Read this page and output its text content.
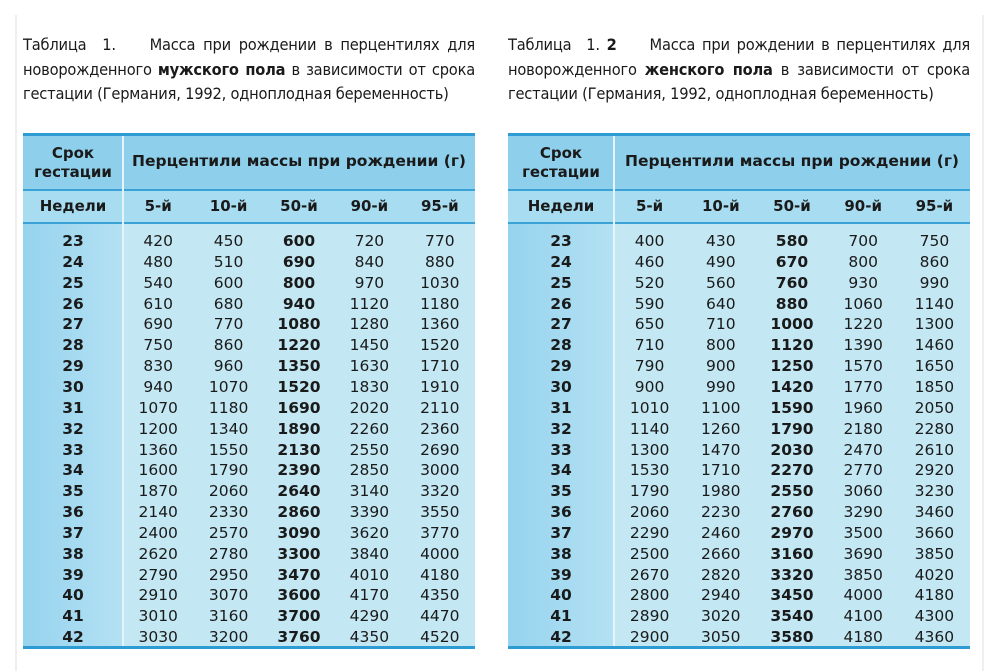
Таблица 1. Масса при рождении в перцентилях для новорожденного мужского пола в зависимости от срока гестации (Германия, 1992, одноплодная беременность)
Срок гестации
Перцентили массы при рождении (г)
Недели	5-й	10-й	50-й	90-й	95-й
23	420	450	600	720	770
24	480	510	690	840	880
25	540	600	800	970	1030
26	610	680	940	1120	1180
27	690	770	1080	1280	1360
28	750	860	1220	1450	1520
29	830	960	1350	1630	1710
30	940	1070	1520	1830	1910
31	1070	1180	1690	2020	2110
32	1200	1340	1890	2260	2360
33	1360	1550	2130	2550	2690
34	1600	1790	2390	2850	3000
35	1870	2060	2640	3140	3320
36	2140	2330	2860	3390	3550
37	2400	2570	3090	3620	3770
38	2620	2780	3300	3840	4000
39	2790	2950	3470	4010	4180
40	2910	3070	3600	4170	4350
41	3010	3160	3700	4290	4470
42	3030	3200	3760	4350	4520
Таблица 1. 2 Масса при рождении в перцентилях для новорожденного женского пола в зависимости от срока гестации (Германия, 1992, одноплодная беременность)
Срок гестации
Перцентили массы при рождении (г)
Недели	5-й	10-й	50-й	90-й	95-й
23	400	430	580	700	750
24	460	490	670	800	860
25	520	560	760	930	990
26	590	640	880	1060	1140
27	650	710	1000	1220	1300
28	710	800	1120	1390	1460
29	790	900	1250	1570	1650
30	900	990	1420	1770	1850
31	1010	1100	1590	1960	2050
32	1140	1260	1790	2180	2280
33	1300	1470	2030	2470	2610
34	1530	1710	2270	2770	2920
35	1790	1980	2550	3060	3230
36	2060	2230	2760	3290	3460
37	2290	2460	2970	3500	3660
38	2500	2660	3160	3690	3850
39	2670	2820	3320	3850	4020
40	2800	2940	3450	4000	4180
41	2890	3020	3540	4100	4300
42	2900	3050	3580	4180	4360
